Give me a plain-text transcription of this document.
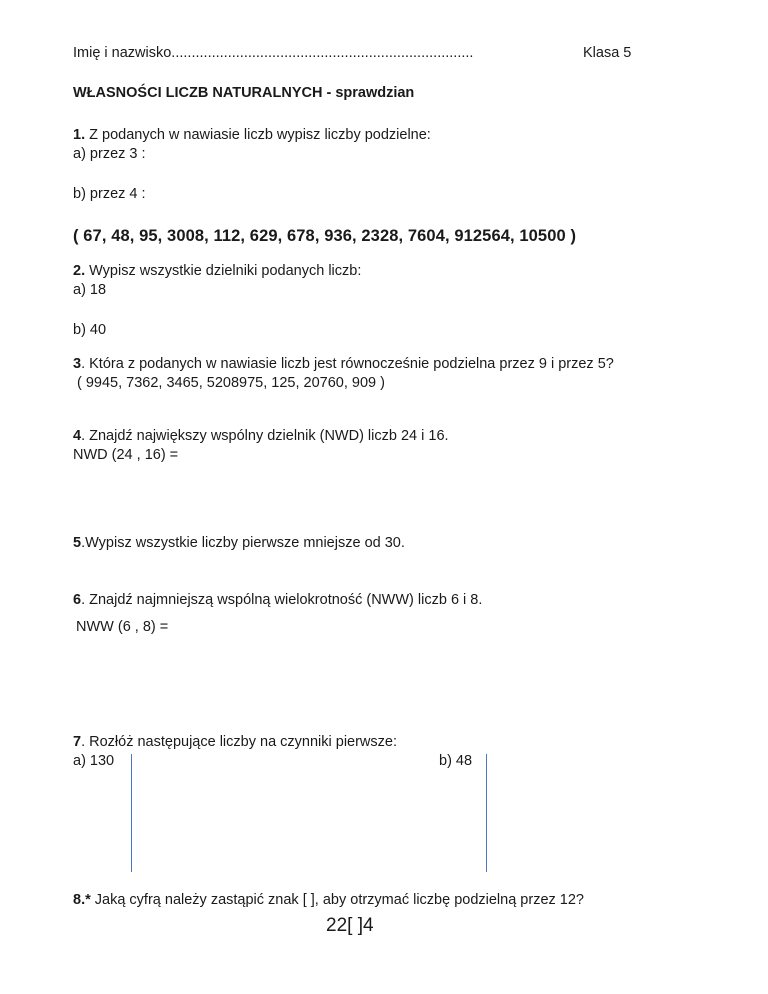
Imię i nazwisko...........................................................................	Klasa 5
WŁASNOŚCI LICZB NATURALNYCH - sprawdzian
1. Z podanych w nawiasie liczb wypisz liczby podzielne:
a) przez 3 :
b) przez 4 :
( 67, 48, 95, 3008, 112, 629, 678, 936, 2328, 7604, 912564, 10500 )
2. Wypisz wszystkie dzielniki podanych liczb:
a) 18
b) 40
3. Która z podanych w nawiasie liczb jest równocześnie podzielna przez 9 i przez 5?
( 9945, 7362, 3465, 5208975, 125, 20760, 909 )
4. Znajdź największy wspólny dzielnik (NWD) liczb 24 i 16.
NWD (24 , 16) =
5.Wypisz wszystkie liczby pierwsze mniejsze od 30.
6. Znajdź najmniejszą wspólną wielokrotność (NWW) liczb 6 i 8.
NWW (6 , 8) =
7. Rozłóż następujące liczby na czynniki pierwsze:
a) 130	b) 48
8.* Jaką cyfrą należy zastąpić znak [ ], aby otrzymać liczbę podzielną przez 12?
22[ ]4
